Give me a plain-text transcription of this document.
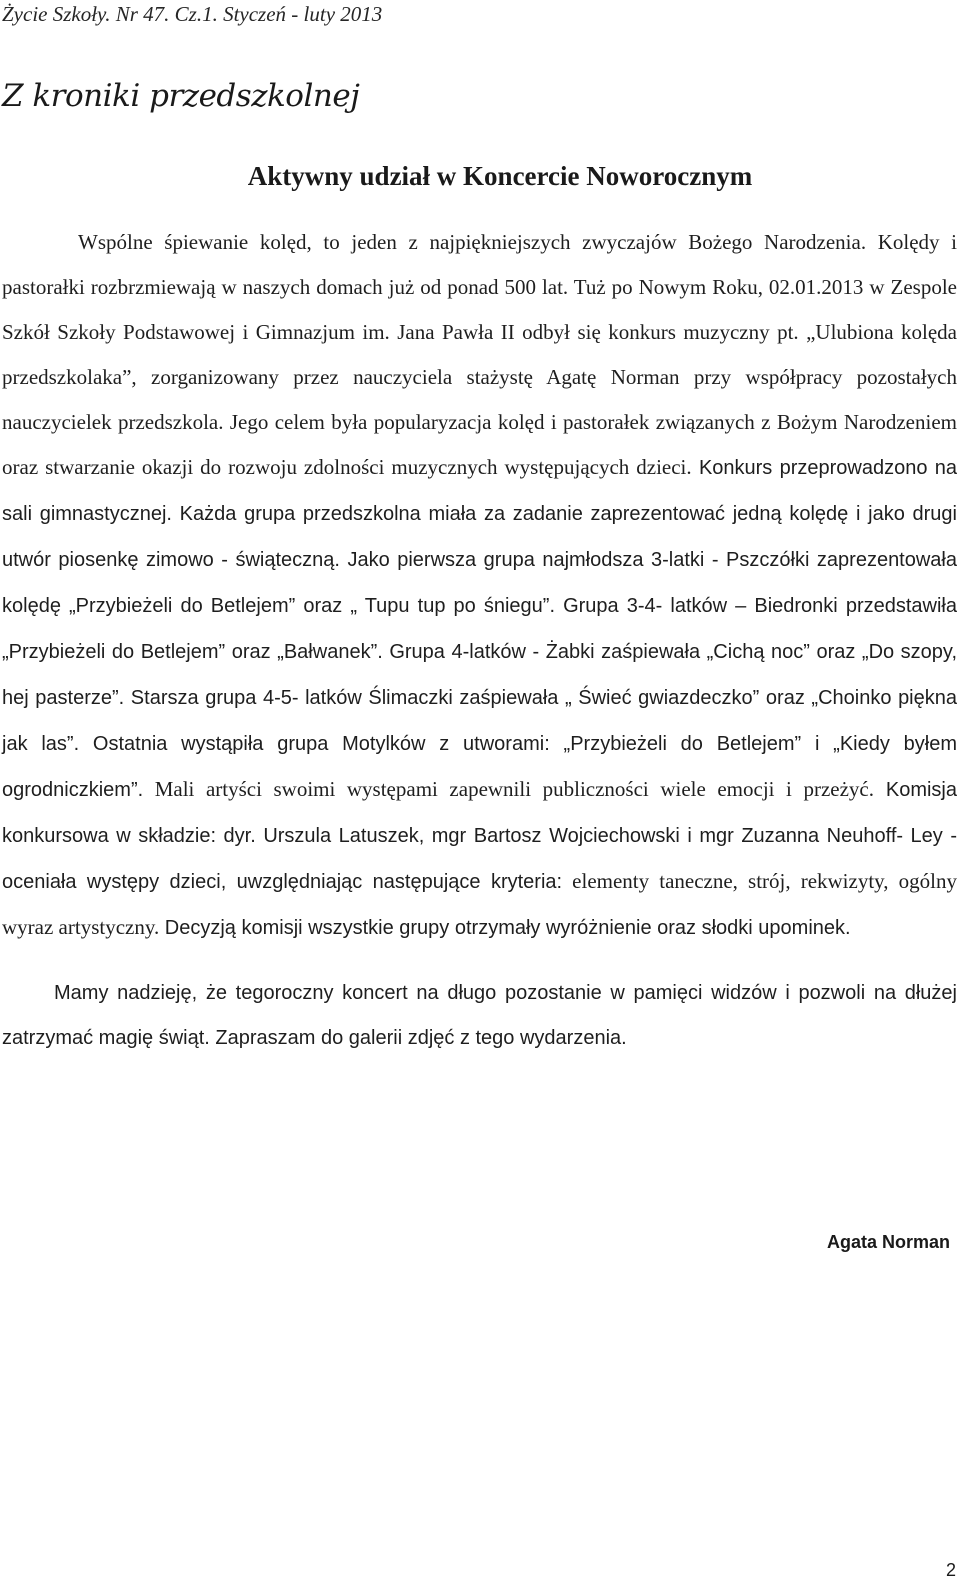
Życie Szkoły. Nr 47. Cz.1. Styczeń - luty 2013
Z kroniki przedszkolnej
Aktywny udział w Koncercie Noworocznym

Wspólne śpiewanie kolęd, to jeden z najpiękniejszych zwyczajów Bożego Narodzenia. Kolędy i pastorałki rozbrzmiewają w naszych domach już od ponad 500 lat. Tuż po Nowym Roku, 02.01.2013 w Zespole Szkół Szkoły Podstawowej i Gimnazjum im. Jana Pawła II odbył się konkurs muzyczny pt. „Ulubiona kolęda przedszkolaka”, zorganizowany przez nauczyciela stażystę Agatę Norman przy współpracy pozostałych nauczycielek przedszkola. Jego celem była popularyzacja kolęd i pastorałek związanych z Bożym Narodzeniem oraz stwarzanie okazji do rozwoju zdolności muzycznych występujących dzieci. Konkurs przeprowadzono na sali gimnastycznej. Każda grupa przedszkolna miała za zadanie zaprezentować jedną kolędę i jako drugi utwór piosenkę zimowo - świąteczną. Jako pierwsza grupa najmłodsza 3-latki - Pszczółki zaprezentowała kolędę „Przybieżeli do Betlejem” oraz „ Tupu tup po śniegu”. Grupa 3-4- latków – Biedronki przedstawiła „Przybieżeli do Betlejem” oraz „Bałwanek”. Grupa 4-latków - Żabki zaśpiewała „Cichą noc” oraz „Do szopy, hej pasterze”. Starsza grupa 4-5- latków Ślimaczki zaśpiewała „ Świeć gwiazdeczko” oraz „Choinko piękna jak las”. Ostatnia wystąpiła grupa Motylków z utworami: „Przybieżeli do Betlejem” i „Kiedy byłem ogrodniczkiem”. Mali artyści swoimi występami zapewnili publiczności wiele emocji i przeżyć. Komisja konkursowa w składzie: dyr. Urszula Latuszek, mgr Bartosz Wojciechowski i mgr Zuzanna Neuhoff- Ley - oceniała występy dzieci, uwzględniając następujące kryteria: elementy taneczne, strój, rekwizyty, ogólny wyraz artystyczny. Decyzją komisji wszystkie grupy otrzymały wyróżnienie oraz słodki upominek.

Mamy nadzieję, że tegoroczny koncert na długo pozostanie w pamięci widzów i pozwoli na dłużej zatrzymać magię świąt. Zapraszam do galerii zdjęć z tego wydarzenia.

Agata Norman
2
